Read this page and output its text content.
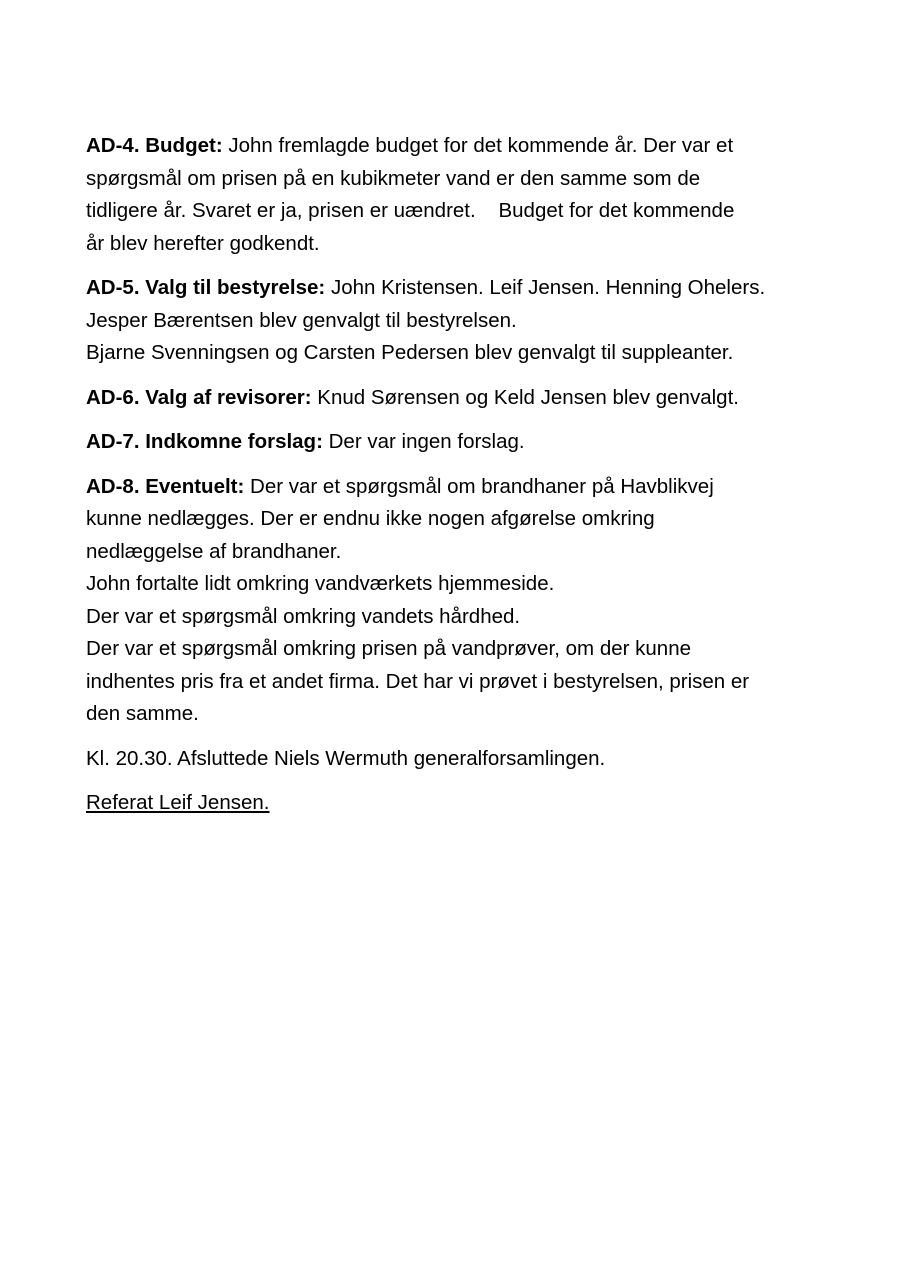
AD-4. Budget: John fremlagde budget for det kommende år. Der var et
spørgsmål om prisen på en kubikmeter vand er den samme som de
tidligere år. Svaret er ja, prisen er uændret.    Budget for det kommende
år blev herefter godkendt.
AD-5. Valg til bestyrelse: John Kristensen. Leif Jensen. Henning Ohelers.
Jesper Bærentsen blev genvalgt til bestyrelsen.
Bjarne Svenningsen og Carsten Pedersen blev genvalgt til suppleanter.
AD-6. Valg af revisorer: Knud Sørensen og Keld Jensen blev genvalgt.
AD-7. Indkomne forslag: Der var ingen forslag.
AD-8. Eventuelt: Der var et spørgsmål om brandhaner på Havblikvej
kunne nedlægges. Der er endnu ikke nogen afgørelse omkring
nedlæggelse af brandhaner.
John fortalte lidt omkring vandværkets hjemmeside.
Der var et spørgsmål omkring vandets hårdhed.
Der var et spørgsmål omkring prisen på vandprøver, om der kunne
indhentes pris fra et andet firma. Det har vi prøvet i bestyrelsen, prisen er
den samme.
Kl. 20.30. Afsluttede Niels Wermuth generalforsamlingen.
Referat Leif Jensen.
